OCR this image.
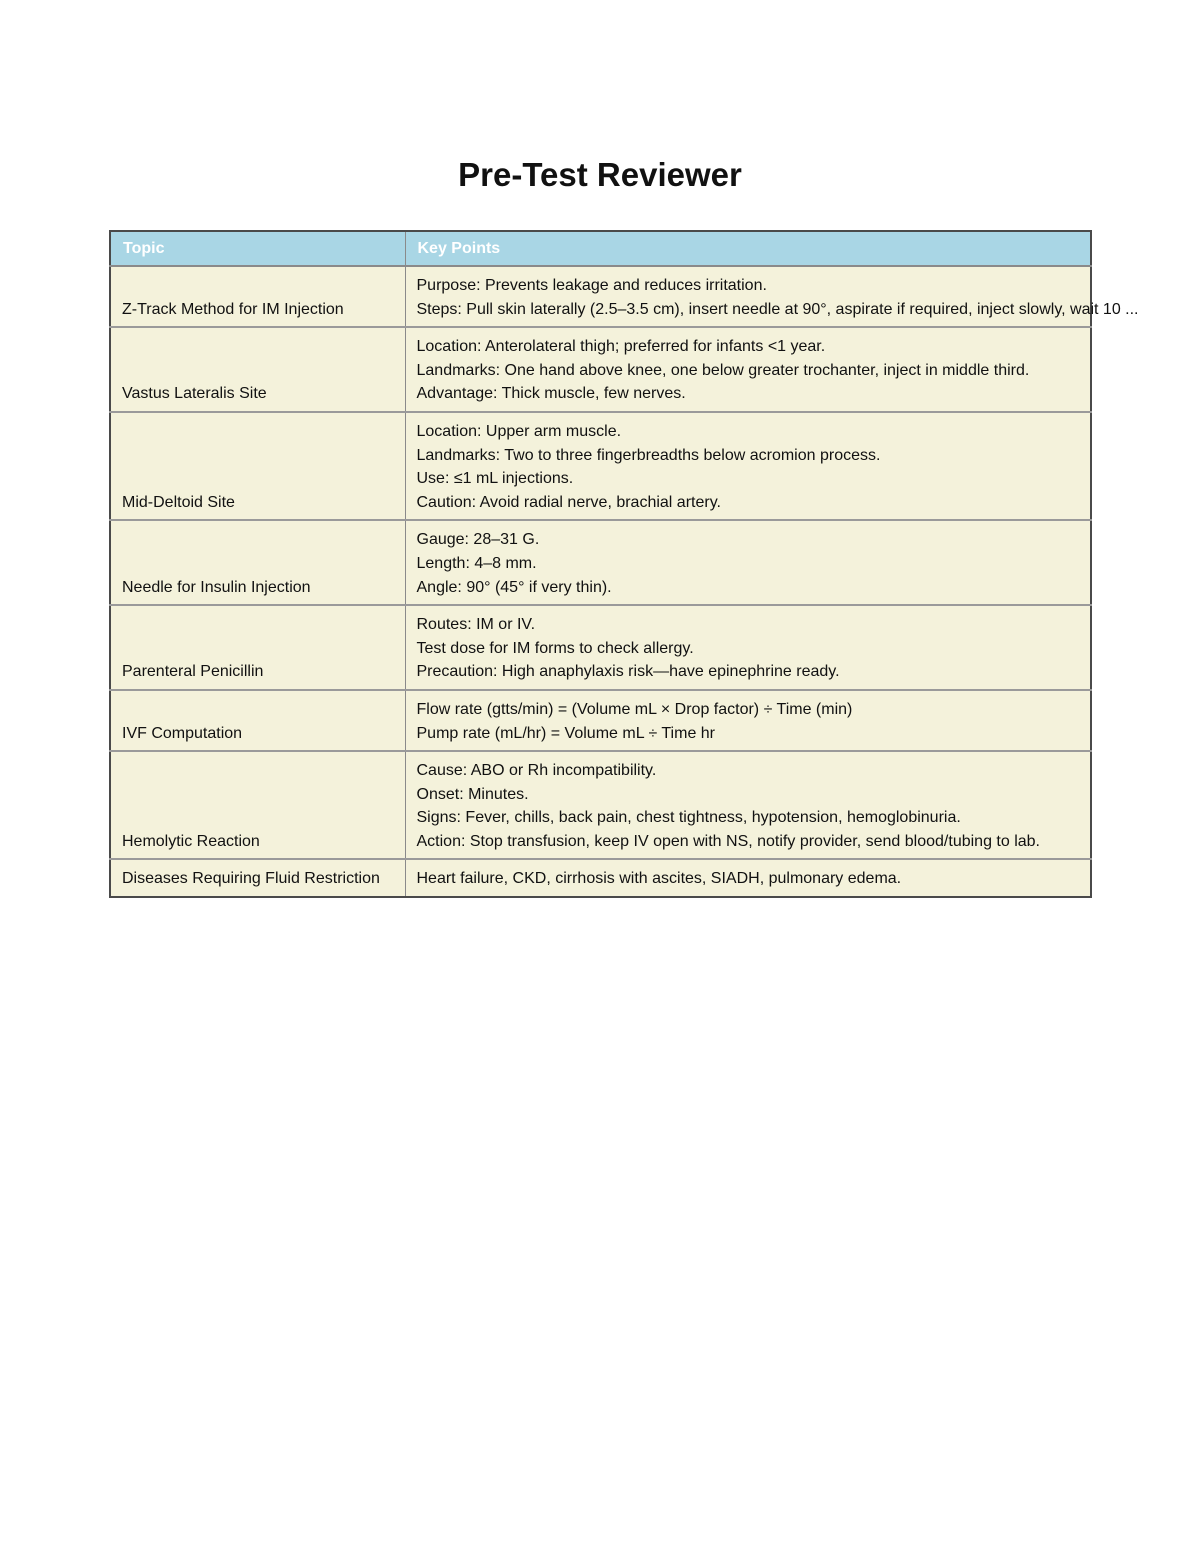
Pre-Test Reviewer
Topic	Key Points
Z-Track Method for IM Injection	Purpose: Prevents leakage and reduces irritation.
Steps: Pull skin laterally (2.5–3.5 cm), insert needle at 90°, aspirate if required, inject slowly, wait 10 ...

Vastus Lateralis Site	Location: Anterolateral thigh; preferred for infants <1 year.
Landmarks: One hand above knee, one below greater trochanter, inject in middle third.
Advantage: Thick muscle, few nerves.

Mid-Deltoid Site	Location: Upper arm muscle.
Landmarks: Two to three fingerbreadths below acromion process.
Use: ≤1 mL injections.
Caution: Avoid radial nerve, brachial artery.

Needle for Insulin Injection	Gauge: 28–31 G.
Length: 4–8 mm.
Angle: 90° (45° if very thin).

Parenteral Penicillin	Routes: IM or IV.
Test dose for IM forms to check allergy.
Precaution: High anaphylaxis risk—have epinephrine ready.

IVF Computation	Flow rate (gtts/min) = (Volume mL × Drop factor) ÷ Time (min)
Pump rate (mL/hr) = Volume mL ÷ Time hr

Hemolytic Reaction	Cause: ABO or Rh incompatibility.
Onset: Minutes.
Signs: Fever, chills, back pain, chest tightness, hypotension, hemoglobinuria.
Action: Stop transfusion, keep IV open with NS, notify provider, send blood/tubing to lab.

Diseases Requiring Fluid Restriction	Heart failure, CKD, cirrhosis with ascites, SIADH, pulmonary edema.
